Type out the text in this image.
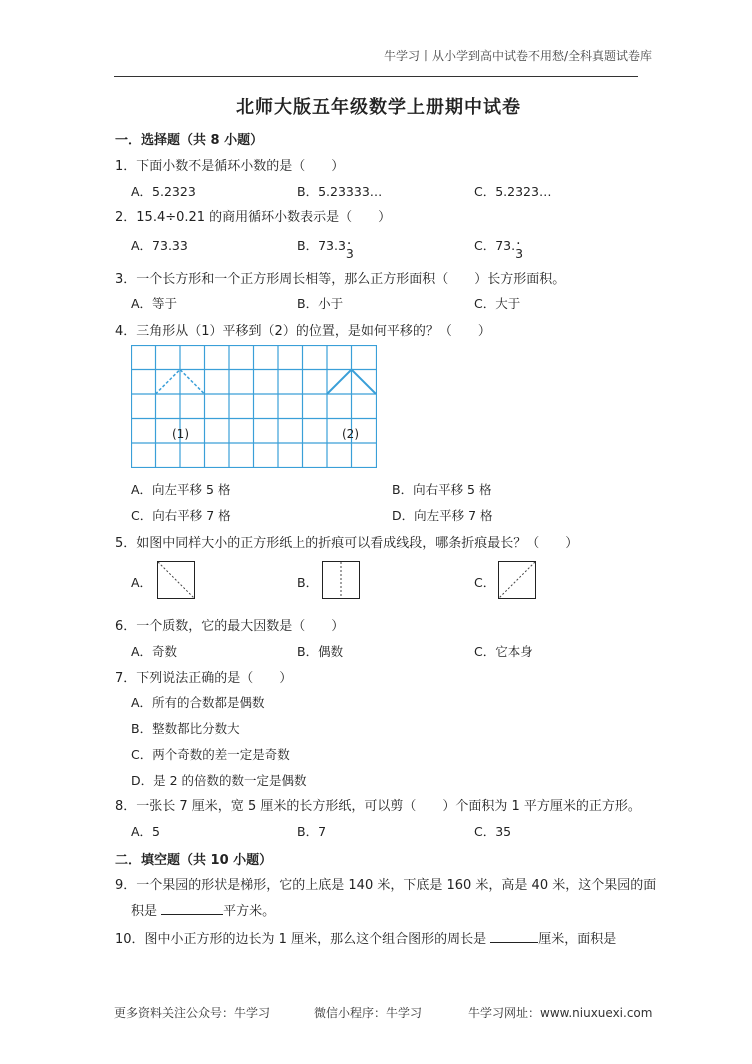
牛学习丨从小学到高中试卷不用愁/全科真题试卷库
北师大版五年级数学上册期中试卷
一．选择题（共 8 小题）
1．下面小数不是循环小数的是（　　）
A．5.2323	B．5.23333…	C．5.2323…
2．15.4÷0.21 的商用循环小数表示是（　　）
A．73.33	B．73.3· 3
C．73.· 3
3．一个长方形和一个正方形周长相等，那么正方形面积（　　）长方形面积。
A．等于	B．小于	C．大于
4．三角形从（1）平移到（2）的位置，是如何平移的？（　　）
(1)	(2)
A．向左平移 5 格	B．向右平移 5 格
C．向右平移 7 格	D．向左平移 7 格
5．如图中同样大小的正方形纸上的折痕可以看成线段，哪条折痕最长？（　　）
A．	B．	C．
6．一个质数，它的最大因数是（　　）
A．奇数	B．偶数	C．它本身
7．下列说法正确的是（　　）
A．所有的合数都是偶数
B．整数都比分数大
C．两个奇数的差一定是奇数
D．是 2 的倍数的数一定是偶数
8．一张长 7 厘米，宽 5 厘米的长方形纸，可以剪（　　）个面积为 1 平方厘米的正方形。
A．5	B．7	C．35
二．填空题（共 10 小题）
9．一个果园的形状是梯形，它的上底是 140 米，下底是 160 米，高是 40 米，这个果园的面
积是	平方米。
10．图中小正方形的边长为 1 厘米，那么这个组合图形的周长是	厘米，面积是
更多资料关注公众号：牛学习	微信小程序：牛学习	牛学习网址：www.niuxuexi.com
